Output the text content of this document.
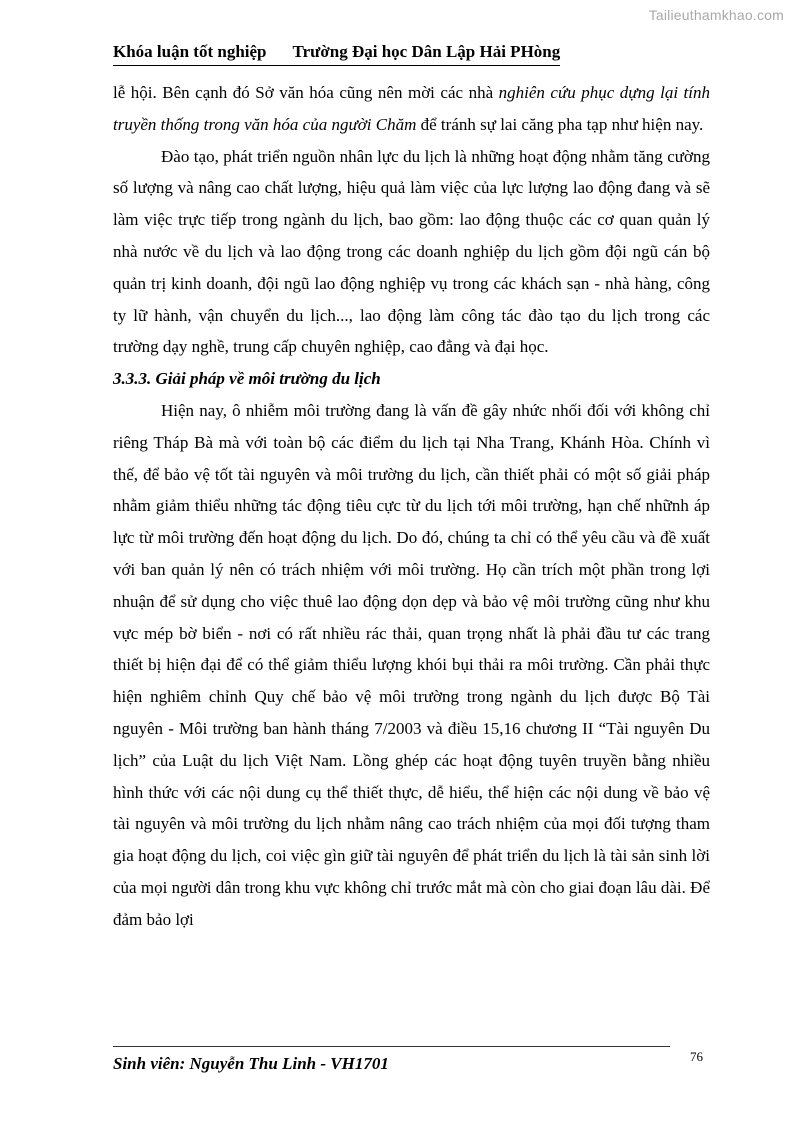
Tailieuthamkhao.com
Khóa luận tốt nghiệp Trường Đại học Dân Lập Hải PHòng

lễ hội. Bên cạnh đó Sở văn hóa cũng nên mời các nhà nghiên cứu phục dựng lại tính truyền thống trong văn hóa của người Chăm để tránh sự lai căng pha tạp như hiện nay.

Đào tạo, phát triển nguồn nhân lực du lịch là những hoạt động nhằm tăng cường số lượng và nâng cao chất lượng, hiệu quả làm việc của lực lượng lao động đang và sẽ làm việc trực tiếp trong ngành du lịch, bao gồm: lao động thuộc các cơ quan quản lý nhà nước về du lịch và lao động trong các doanh nghiệp du lịch gồm đội ngũ cán bộ quản trị kinh doanh, đội ngũ lao động nghiệp vụ trong các khách sạn - nhà hàng, công ty lữ hành, vận chuyển du lịch..., lao động làm công tác đào tạo du lịch trong các trường dạy nghề, trung cấp chuyên nghiệp, cao đẳng và đại học.

3.3.3. Giải pháp về môi trường du lịch

Hiện nay, ô nhiễm môi trường đang là vấn đề gây nhức nhối đối với không chỉ riêng Tháp Bà mà với toàn bộ các điểm du lịch tại Nha Trang, Khánh Hòa. Chính vì thế, để bảo vệ tốt tài nguyên và môi trường du lịch, cần thiết phải có một số giải pháp nhằm giảm thiểu những tác động tiêu cực từ du lịch tới môi trường, hạn chế nhữnh áp lực từ môi trường đến hoạt động du lịch. Do đó, chúng ta chỉ có thể yêu cầu và đề xuất với ban quản lý nên có trách nhiệm với môi trường. Họ cần trích một phần trong lợi nhuận để sử dụng cho việc thuê lao động dọn dẹp và bảo vệ môi trường cũng như khu vực mép bờ biển - nơi có rất nhiều rác thải, quan trọng nhất là phải đầu tư các trang thiết bị hiện đại để có thể giảm thiểu lượng khói bụi thải ra môi trường. Cần phải thực hiện nghiêm chỉnh Quy chế bảo vệ môi trường trong ngành du lịch được Bộ Tài nguyên - Môi trường ban hành tháng 7/2003 và điều 15,16 chương II “Tài nguyên Du lịch” của Luật du lịch Việt Nam. Lồng ghép các hoạt động tuyên truyền bằng nhiều hình thức với các nội dung cụ thể thiết thực, dễ hiểu, thể hiện các nội dung về bảo vệ tài nguyên và môi trường du lịch nhằm nâng cao trách nhiệm của mọi đối tượng tham gia hoạt động du lịch, coi việc gìn giữ tài nguyên để phát triển du lịch là tài sản sinh lời của mọi người dân trong khu vực không chỉ trước mắt mà còn cho giai đoạn lâu dài. Để đảm bảo lợi

Sinh viên: Nguyễn Thu Linh - VH1701	76
